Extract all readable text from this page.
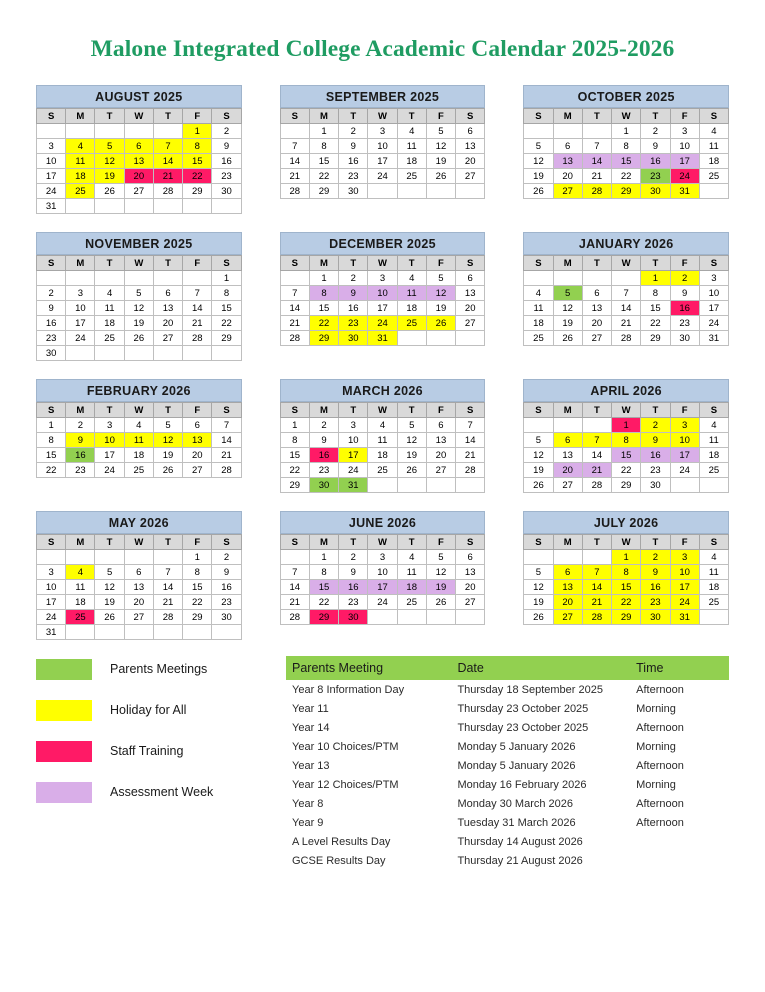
Malone Integrated College Academic Calendar 2025-2026
AUGUST 2025
S	M	T	W	T	F	S
					1	2
3	4	5	6	7	8	9
10	11	12	13	14	15	16
17	18	19	20	21	22	23
24	25	26	27	28	29	30
31						
SEPTEMBER 2025
S	M	T	W	T	F	S
	1	2	3	4	5	6
7	8	9	10	11	12	13
14	15	16	17	18	19	20
21	22	23	24	25	26	27
28	29	30				
OCTOBER 2025
S	M	T	W	T	F	S
			1	2	3	4
5	6	7	8	9	10	11
12	13	14	15	16	17	18
19	20	21	22	23	24	25
26	27	28	29	30	31	
NOVEMBER 2025
S	M	T	W	T	F	S
						1
2	3	4	5	6	7	8
9	10	11	12	13	14	15
16	17	18	19	20	21	22
23	24	25	26	27	28	29
30						
DECEMBER 2025
S	M	T	W	T	F	S
	1	2	3	4	5	6
7	8	9	10	11	12	13
14	15	16	17	18	19	20
21	22	23	24	25	26	27
28	29	30	31			
JANUARY 2026
S	M	T	W	T	F	S
				1	2	3
4	5	6	7	8	9	10
11	12	13	14	15	16	17
18	19	20	21	22	23	24
25	26	27	28	29	30	31
FEBRUARY 2026
S	M	T	W	T	F	S
1	2	3	4	5	6	7
8	9	10	11	12	13	14
15	16	17	18	19	20	21
22	23	24	25	26	27	28
MARCH 2026
S	M	T	W	T	F	S
1	2	3	4	5	6	7
8	9	10	11	12	13	14
15	16	17	18	19	20	21
22	23	24	25	26	27	28
29	30	31				
APRIL 2026
S	M	T	W	T	F	S
			1	2	3	4
5	6	7	8	9	10	11
12	13	14	15	16	17	18
19	20	21	22	23	24	25
26	27	28	29	30		
MAY 2026
S	M	T	W	T	F	S
					1	2
3	4	5	6	7	8	9
10	11	12	13	14	15	16
17	18	19	20	21	22	23
24	25	26	27	28	29	30
31						
JUNE 2026
S	M	T	W	T	F	S
	1	2	3	4	5	6
7	8	9	10	11	12	13
14	15	16	17	18	19	20
21	22	23	24	25	26	27
28	29	30				
JULY 2026
S	M	T	W	T	F	S
			1	2	3	4
5	6	7	8	9	10	11
12	13	14	15	16	17	18
19	20	21	22	23	24	25
26	27	28	29	30	31	
Parents Meetings
Holiday for All
Staff Training
Assessment Week
Parents Meeting	Date	Time
Year 8 Information Day	Thursday 18 September 2025	Afternoon
Year 11	Thursday 23 October 2025	Morning
Year 14	Thursday 23 October 2025	Afternoon
Year 10 Choices/PTM	Monday 5 January 2026	Morning
Year 13	Monday 5 January 2026	Afternoon
Year 12 Choices/PTM	Monday 16 February 2026	Morning
Year 8	Monday 30 March 2026	Afternoon
Year 9	Tuesday 31 March 2026	Afternoon
A Level Results Day	Thursday 14 August 2026	
GCSE Results Day	Thursday 21 August 2026	
